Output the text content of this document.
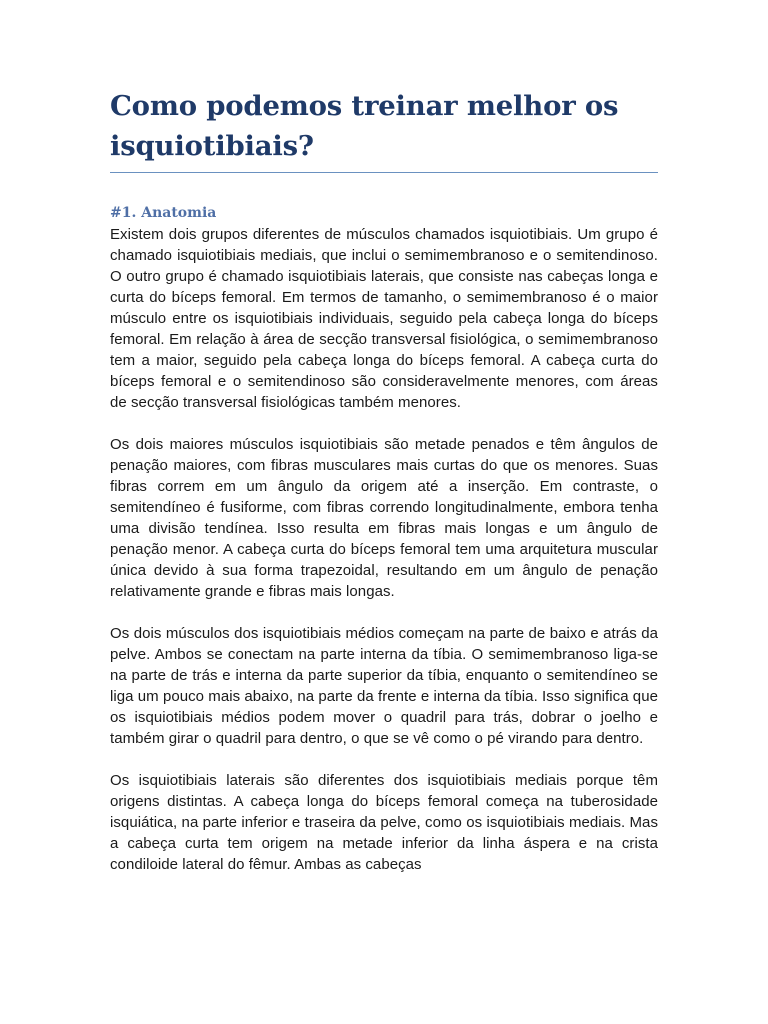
Como podemos treinar melhor os isquiotibiais?
#1. Anatomia

Existem dois grupos diferentes de músculos chamados isquiotibiais. Um grupo é chamado isquiotibiais mediais, que inclui o semimembranoso e o semitendinoso. O outro grupo é chamado isquiotibiais laterais, que consiste nas cabeças longa e curta do bíceps femoral. Em termos de tamanho, o semimembranoso é o maior músculo entre os isquiotibiais individuais, seguido pela cabeça longa do bíceps femoral. Em relação à área de secção transversal fisiológica, o semimembranoso tem a maior, seguido pela cabeça longa do bíceps femoral. A cabeça curta do bíceps femoral e o semitendinoso são consideravelmente menores, com áreas de secção transversal fisiológicas também menores.

Os dois maiores músculos isquiotibiais são metade penados e têm ângulos de penação maiores, com fibras musculares mais curtas do que os menores. Suas fibras correm em um ângulo da origem até a inserção. Em contraste, o semitendíneo é fusiforme, com fibras correndo longitudinalmente, embora tenha uma divisão tendínea. Isso resulta em fibras mais longas e um ângulo de penação menor. A cabeça curta do bíceps femoral tem uma arquitetura muscular única devido à sua forma trapezoidal, resultando em um ângulo de penação relativamente grande e fibras mais longas.

Os dois músculos dos isquiotibiais médios começam na parte de baixo e atrás da pelve. Ambos se conectam na parte interna da tíbia. O semimembranoso liga-se na parte de trás e interna da parte superior da tíbia, enquanto o semitendíneo se liga um pouco mais abaixo, na parte da frente e interna da tíbia. Isso significa que os isquiotibiais médios podem mover o quadril para trás, dobrar o joelho e também girar o quadril para dentro, o que se vê como o pé virando para dentro.

Os isquiotibiais laterais são diferentes dos isquiotibiais mediais porque têm origens distintas. A cabeça longa do bíceps femoral começa na tuberosidade isquiática, na parte inferior e traseira da pelve, como os isquiotibiais mediais. Mas a cabeça curta tem origem na metade inferior da linha áspera e na crista condiloide lateral do fêmur. Ambas as cabeças
